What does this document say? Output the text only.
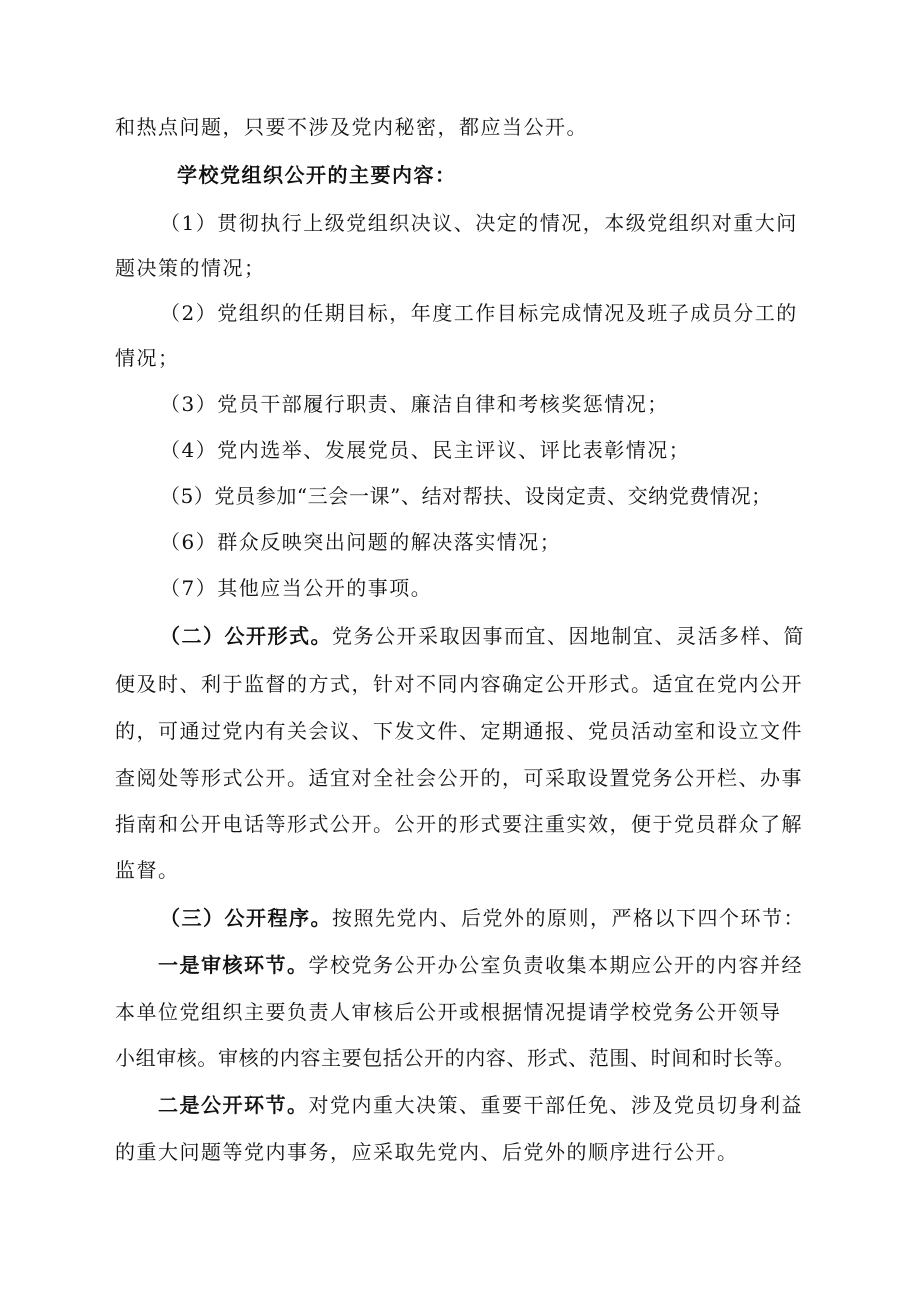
和热点问题，只要不涉及党内秘密，都应当公开。
学校党组织公开的主要内容：
（1）贯彻执行上级党组织决议、决定的情况，本级党组织对重大问
题决策的情况；
（2）党组织的任期目标，年度工作目标完成情况及班子成员分工的
情况；
（3）党员干部履行职责、廉洁自律和考核奖惩情况；
（4）党内选举、发展党员、民主评议、评比表彰情况；
（5）党员参加“三会一课”、结对帮扶、设岗定责、交纳党费情况；
（6）群众反映突出问题的解决落实情况；
（7）其他应当公开的事项。
（二）公开形式。党务公开采取因事而宜、因地制宜、灵活多样、简
便及时、利于监督的方式，针对不同内容确定公开形式。适宜在党内公开
的，可通过党内有关会议、下发文件、定期通报、党员活动室和设立文件
查阅处等形式公开。适宜对全社会公开的，可采取设置党务公开栏、办事
指南和公开电话等形式公开。公开的形式要注重实效，便于党员群众了解
监督。
（三）公开程序。按照先党内、后党外的原则，严格以下四个环节：
一是审核环节。学校党务公开办公室负责收集本期应公开的内容并经
本单位党组织主要负责人审核后公开或根据情况提请学校党务公开领导
小组审核。审核的内容主要包括公开的内容、形式、范围、时间和时长等。
二是公开环节。对党内重大决策、重要干部任免、涉及党员切身利益
的重大问题等党内事务，应采取先党内、后党外的顺序进行公开。
